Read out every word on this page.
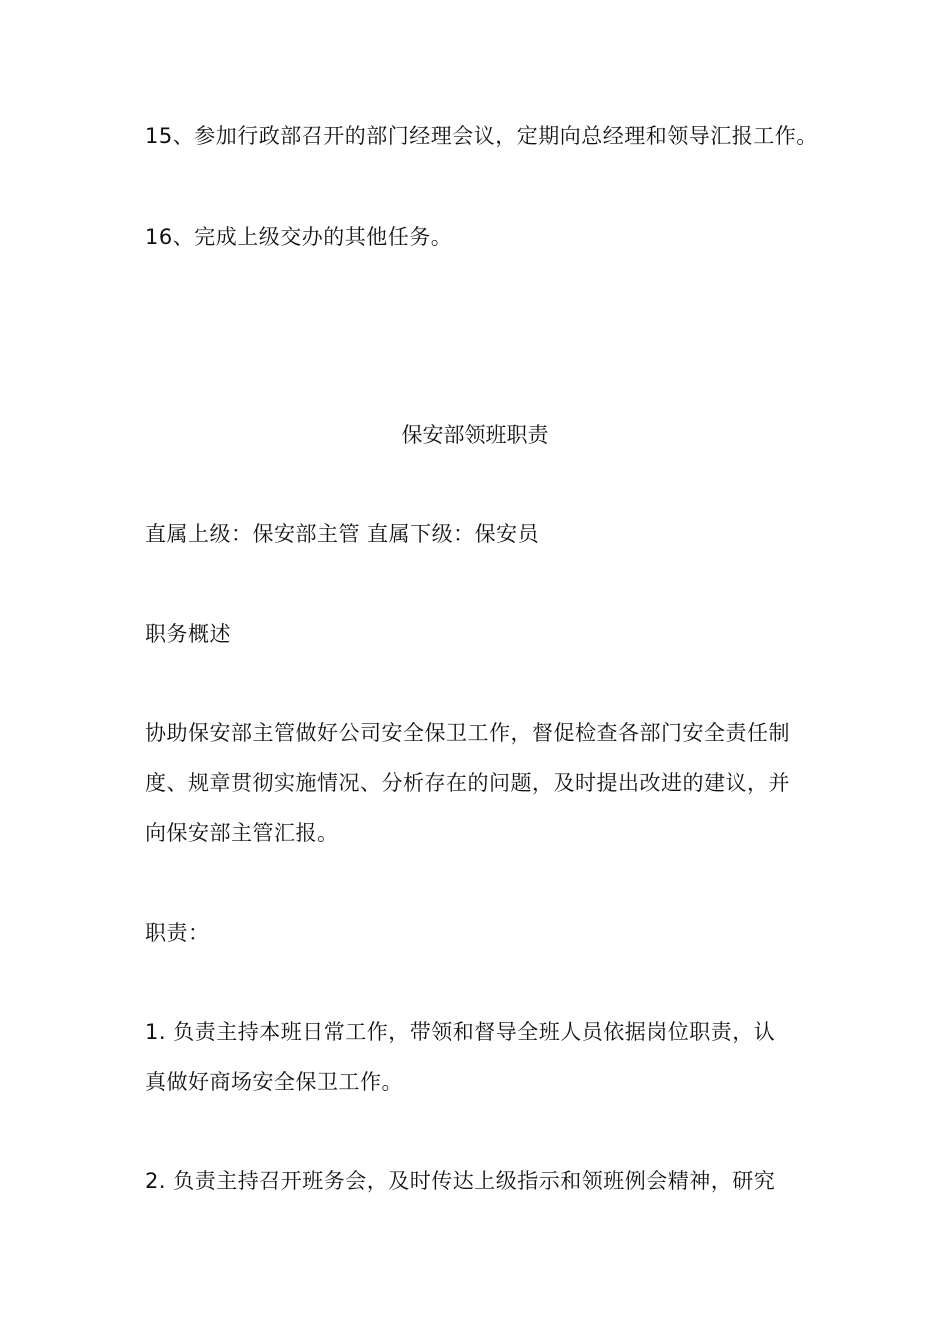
15、参加行政部召开的部门经理会议，定期向总经理和领导汇报工作。
16、完成上级交办的其他任务。
保安部领班职责
直属上级：保安部主管 直属下级：保安员
职务概述
协助保安部主管做好公司安全保卫工作，督促检查各部门安全责任制
度、规章贯彻实施情况、分析存在的问题，及时提出改进的建议，并
向保安部主管汇报。
职责：
1. 负责主持本班日常工作，带领和督导全班人员依据岗位职责，认
真做好商场安全保卫工作。
2. 负责主持召开班务会，及时传达上级指示和领班例会精神，研究
